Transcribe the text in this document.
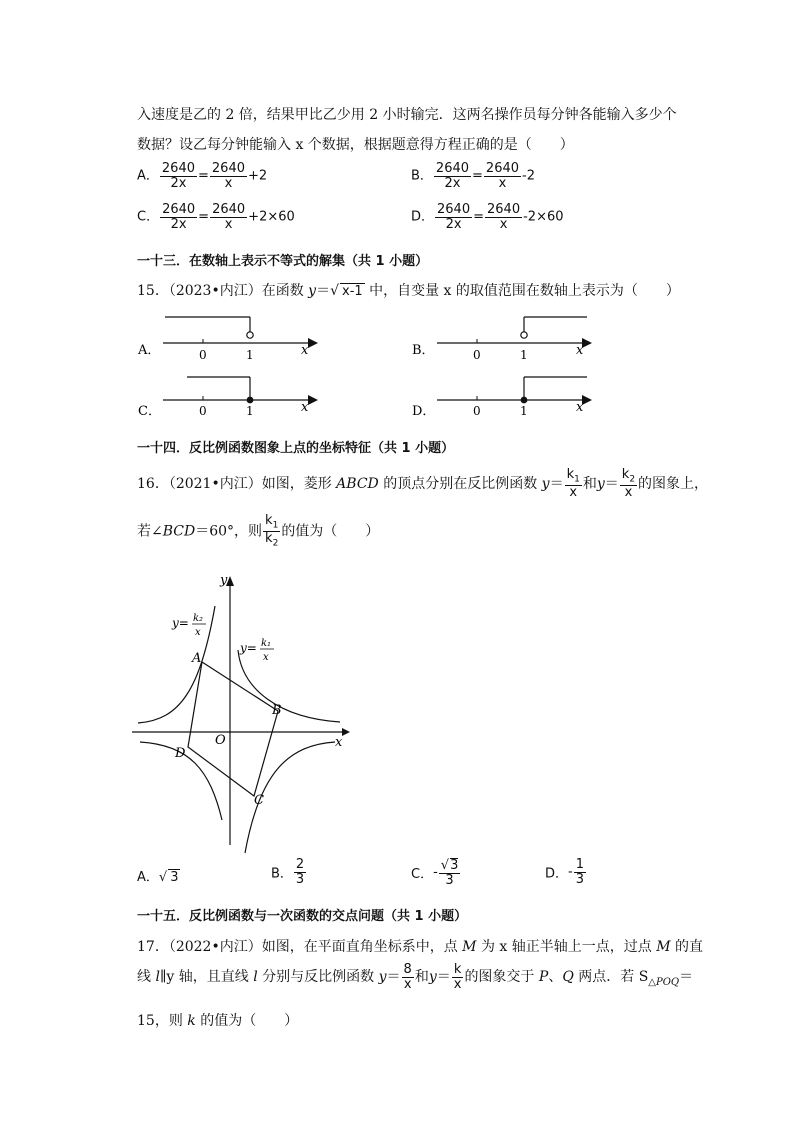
入速度是乙的 2 倍，结果甲比乙少用 2 小时输完．这两名操作员每分钟各能输入多少个
数据？设乙每分钟能输入 x 个数据，根据题意得方程正确的是（　　）
A． $\frac{2640}{2x} = \frac{2640}{x} +2$	B． $\frac{2640}{2x} = \frac{2640}{x} -2$
C． $\frac{2640}{2x} = \frac{2640}{x} +2\times 60$	D． $\frac{2640}{2x} = \frac{2640}{x} -2\times 60$
一十三．在数轴上表示不等式的解集（共 1 小题）
15．（2023•内江）在函数 y＝√ x-1 中，自变量 x 的取值范围在数轴上表示为（　　）
A．	0	1	x	B．	0	1	x
C．	0	1	x	D．	0	1	x
一十四．反比例函数图象上点的坐标特征（共 1 小题）
16．（2021•内江）如图，菱形 ABCD 的顶点分别在反比例函数 $y= \frac{k_1}{x}$ 和$y= \frac{k_2}{x}$ 的图象上，
若∠BCD＝60°，则 $\frac{k_1}{k_2}$ 的值为（　　）
y
x
O
A
B
C
D
y= k₂
x
y= k₁
x
A．√ 3	B． $\frac{2}{3}$	C．- $\frac{√3}{3}$	D．- $\frac{1}{3}$
一十五．反比例函数与一次函数的交点问题（共 1 小题）
17．（2022•内江）如图，在平面直角坐标系中，点 M 为 x 轴正半轴上一点，过点 M 的直
线 l∥y 轴，且直线 l 分别与反比例函数 $y= \frac{8}{x}$ 和$y= \frac{k}{x}$ 的图象交于 P、Q 两点．若 $S_{\triangle POQ}=$
15，则 k 的值为（　　）
